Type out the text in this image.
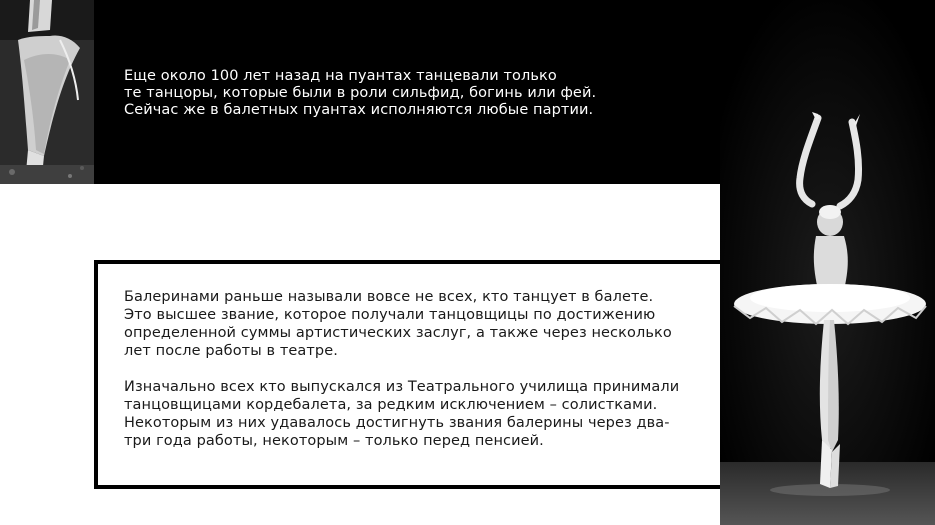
Еще около 100 лет назад на пуантах танцевали только
те танцоры, которые были в роли сильфид, богинь или фей.
Сейчас же в балетных пуантах исполняются любые партии.
Балеринами раньше называли вовсе не всех, кто танцует в балете.
Это высшее звание, которое получали танцовщицы по достижению
определенной суммы артистических заслуг, а также через несколько
лет после работы в театре.
Изначально всех кто выпускался из Театрального училища принимали
танцовщицами кордебалета, за редким исключением – солистками.
Некоторым из них удавалось достигнуть звания балерины через два-
три года работы, некоторым – только перед пенсией.
